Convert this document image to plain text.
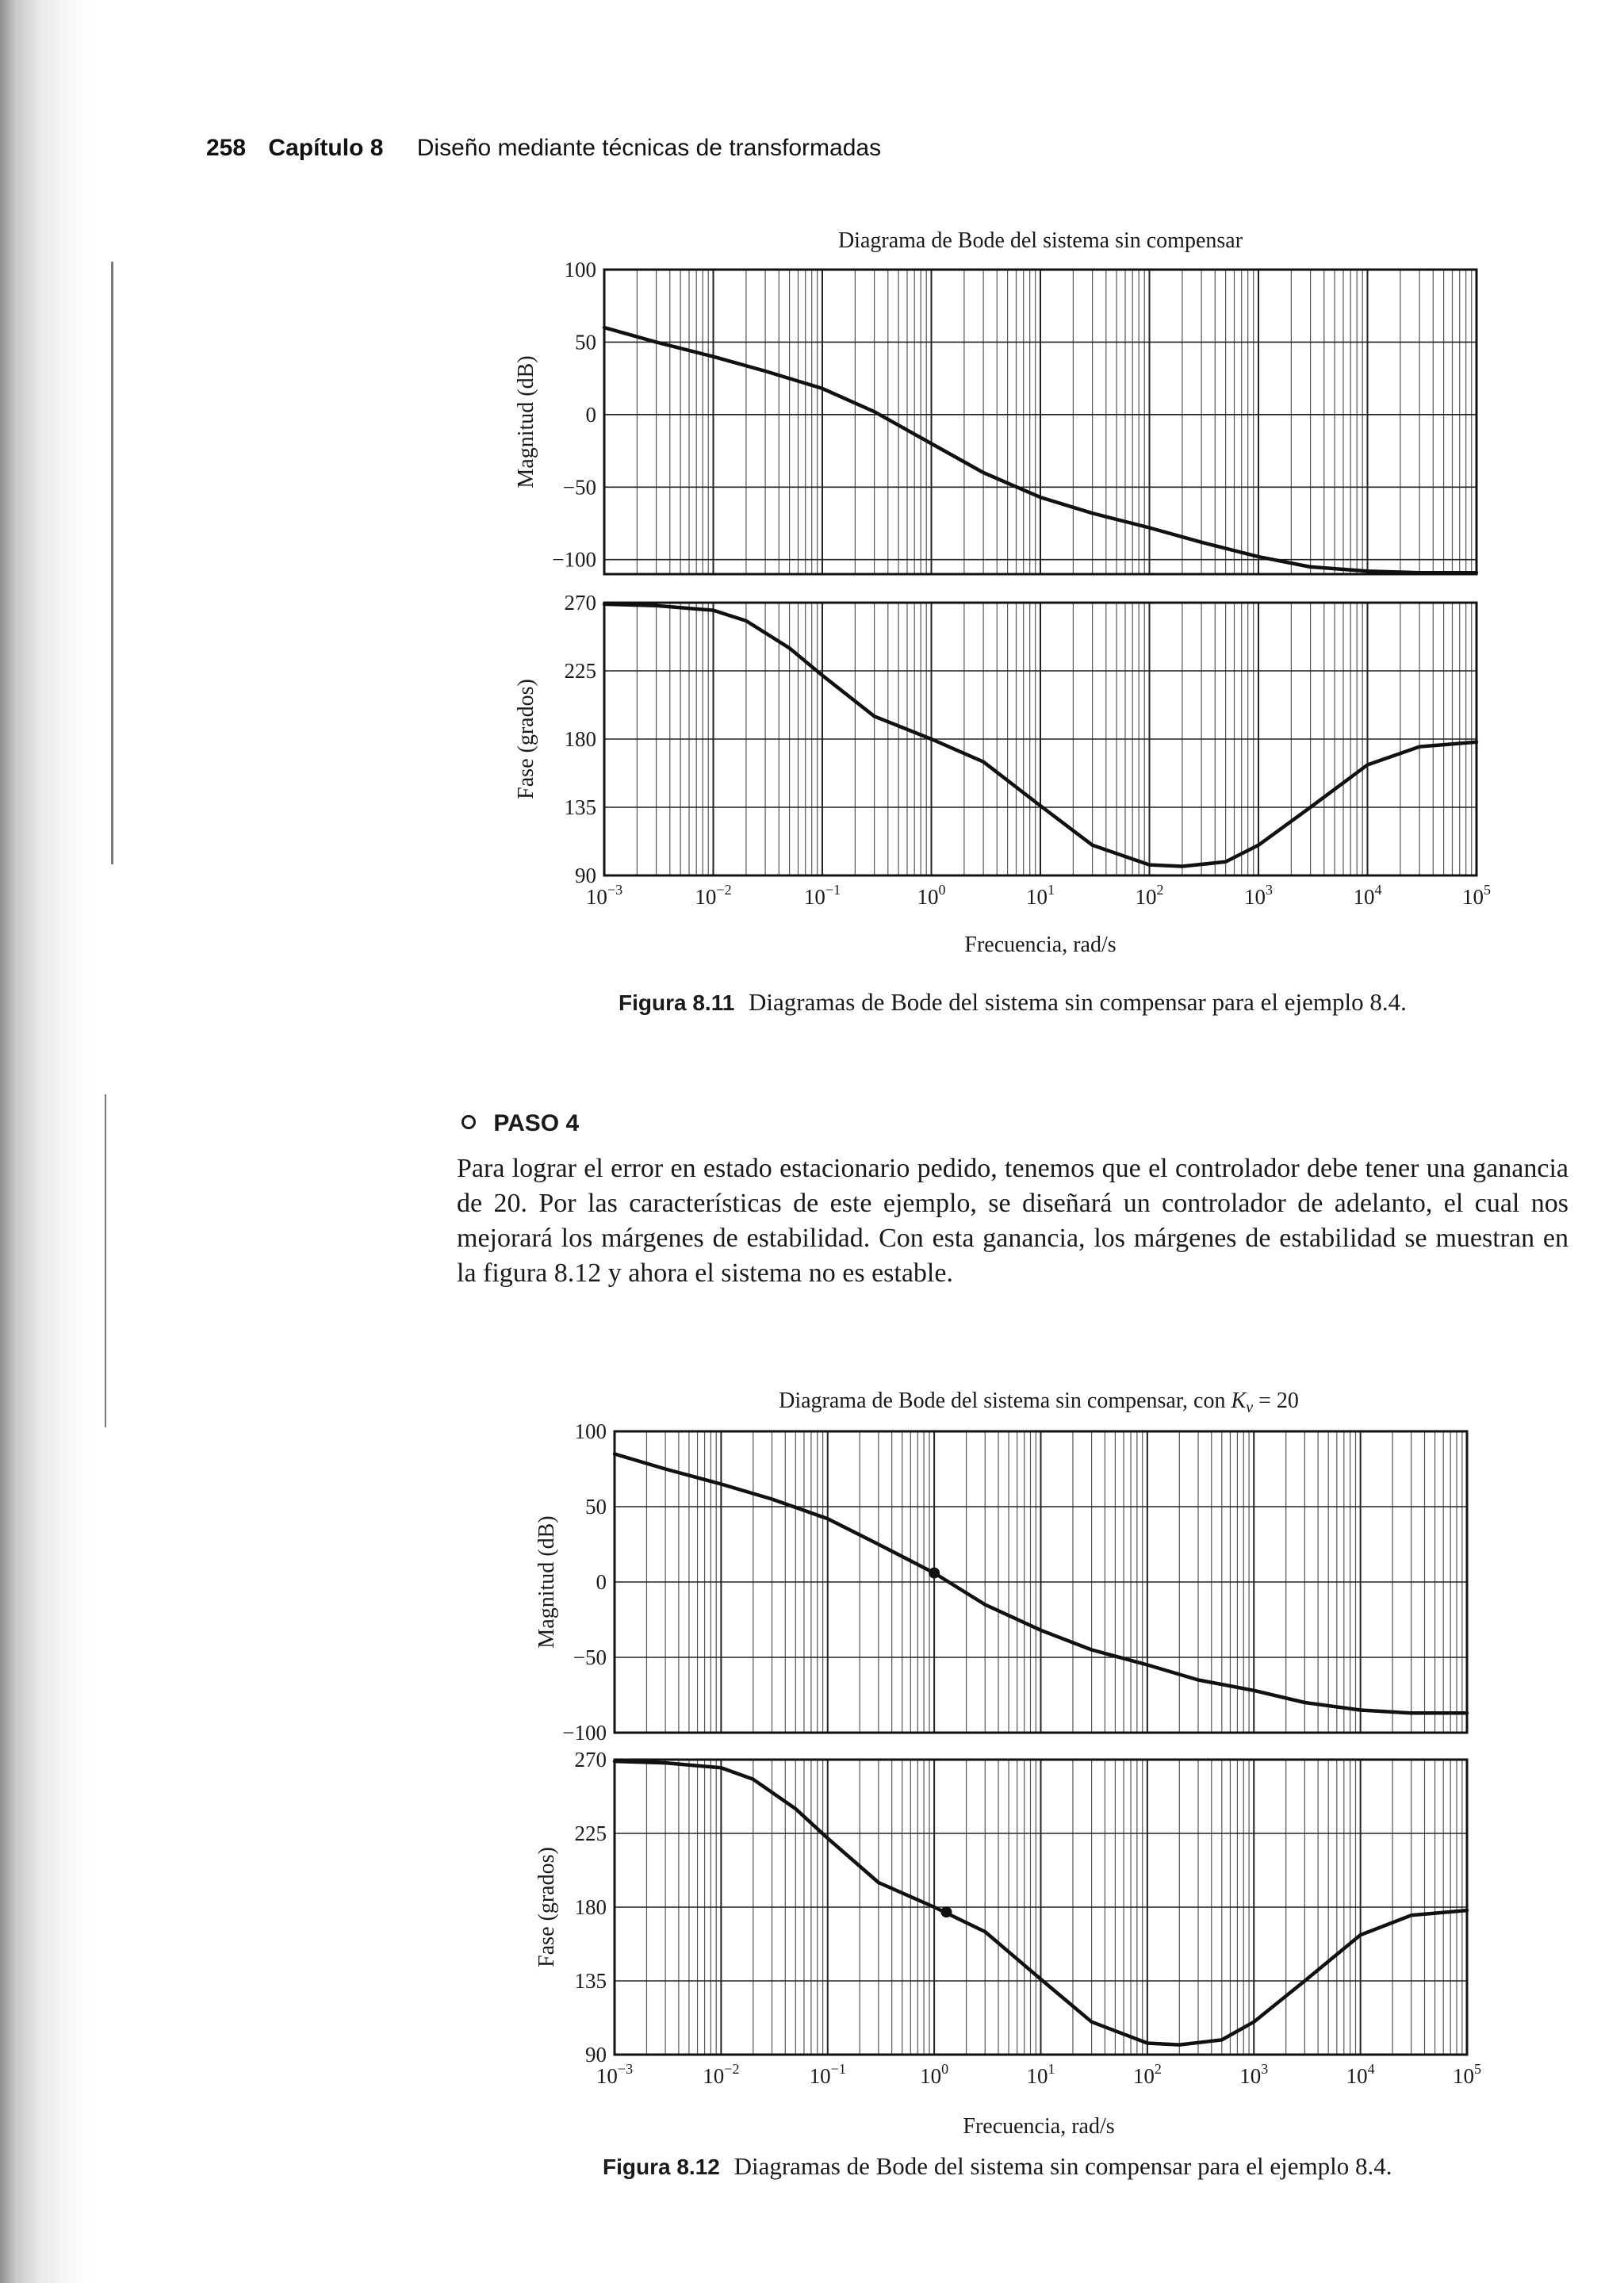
258 Capítulo 8 Diseño mediante técnicas de transformadas
Diagrama de Bode del sistema sin compensar
Frecuencia, rad/s
100
50
0
−50
−100
Magnitud (dB)
270
225
180
135
90
Fase (grados)
$10^{-3}$	$10^{-2}$	$10^{-1}$	$10^0$	$10^1$	$10^2$	$10^3$	$10^4$	$10^5$
Figura 8.11 Diagramas de Bode del sistema sin compensar para el ejemplo 8.4.
PASO 4

Para lograr el error en estado estacionario pedido, tenemos que el controlador debe tener una ganancia de 20. Por las características de este ejemplo, se diseñará un controlador de adelanto, el cual nos mejorará los márgenes de estabilidad. Con esta ganancia, los márgenes de estabilidad se muestran en la figura 8.12 y ahora el sistema no es estable.

Diagrama de Bode del sistema sin compensar, con $K_v = 20$
Frecuencia, rad/s
100
50
0
−50
−100
Magnitud (dB)
270
225
180
135
90
Fase (grados)
$10^{-3}$	$10^{-2}$	$10^{-1}$	$10^0$	$10^1$	$10^2$	$10^3$	$10^4$	$10^5$
Figura 8.12 Diagramas de Bode del sistema sin compensar para el ejemplo 8.4.
